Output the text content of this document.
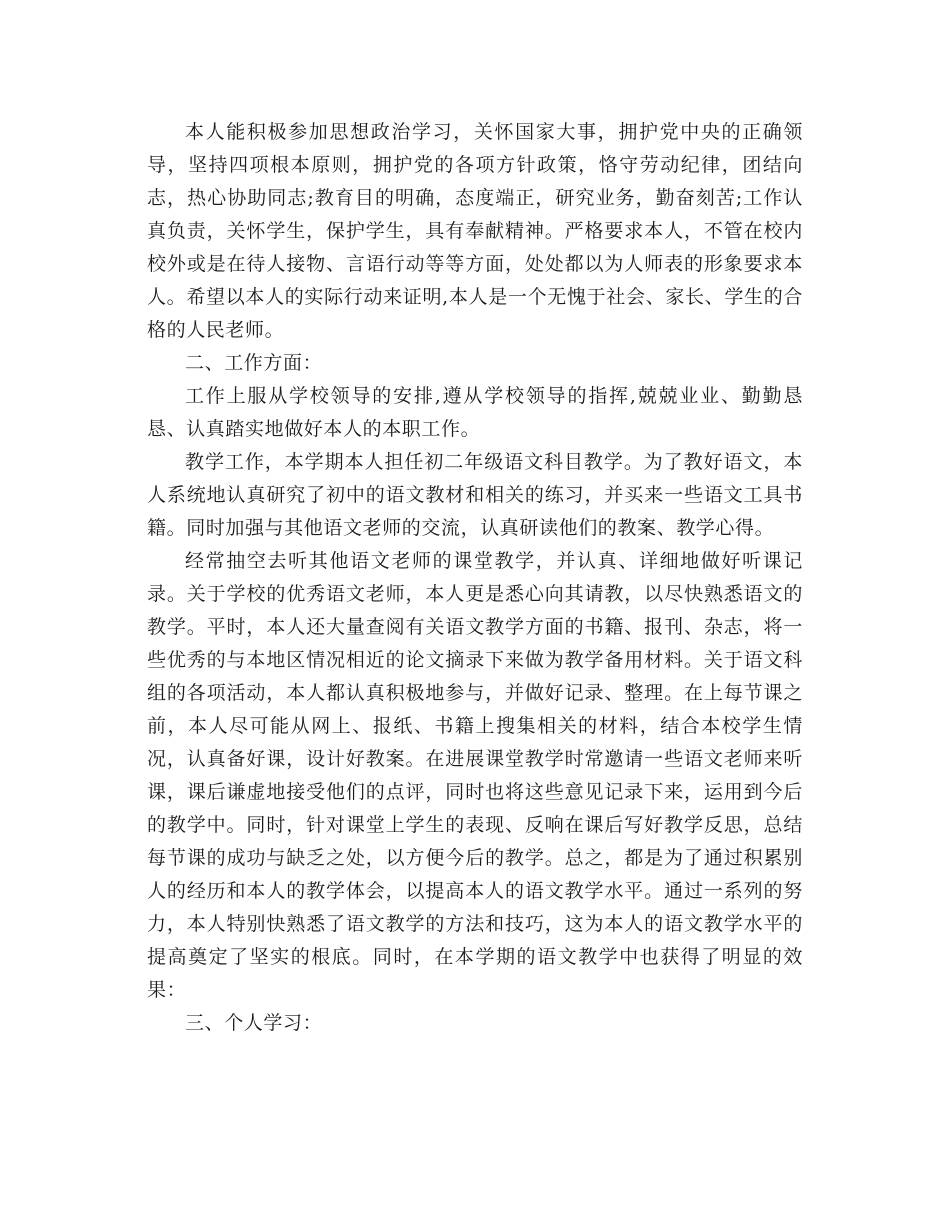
本人能积极参加思想政治学习，关怀国家大事，拥护党中央的正确领导，坚持四项根本原则，拥护党的各项方针政策，恪守劳动纪律，团结向志，热心协助同志;教育目的明确，态度端正，研究业务，勤奋刻苦;工作认真负责，关怀学生，保护学生，具有奉献精神。严格要求本人，不管在校内校外或是在待人接物、言语行动等等方面，处处都以为人师表的形象要求本人。希望以本人的实际行动来证明,本人是一个无愧于社会、家长、学生的合格的人民老师。

二、工作方面：

工作上服从学校领导的安排,遵从学校领导的指挥,兢兢业业、勤勤恳恳、认真踏实地做好本人的本职工作。

教学工作，本学期本人担任初二年级语文科目教学。为了教好语文，本人系统地认真研究了初中的语文教材和相关的练习，并买来一些语文工具书籍。同时加强与其他语文老师的交流，认真研读他们的教案、教学心得。

经常抽空去听其他语文老师的课堂教学，并认真、详细地做好听课记录。关于学校的优秀语文老师，本人更是悉心向其请教，以尽快熟悉语文的教学。平时，本人还大量查阅有关语文教学方面的书籍、报刊、杂志，将一些优秀的与本地区情况相近的论文摘录下来做为教学备用材料。关于语文科组的各项活动，本人都认真积极地参与，并做好记录、整理。在上每节课之前，本人尽可能从网上、报纸、书籍上搜集相关的材料，结合本校学生情况，认真备好课，设计好教案。在进展课堂教学时常邀请一些语文老师来听课，课后谦虚地接受他们的点评，同时也将这些意见记录下来，运用到今后的教学中。同时，针对课堂上学生的表现、反响在课后写好教学反思，总结每节课的成功与缺乏之处，以方便今后的教学。总之，都是为了通过积累别人的经历和本人的教学体会，以提高本人的语文教学水平。通过一系列的努力，本人特别快熟悉了语文教学的方法和技巧，这为本人的语文教学水平的提高奠定了坚实的根底。同时，在本学期的语文教学中也获得了明显的效果：

三、个人学习：
